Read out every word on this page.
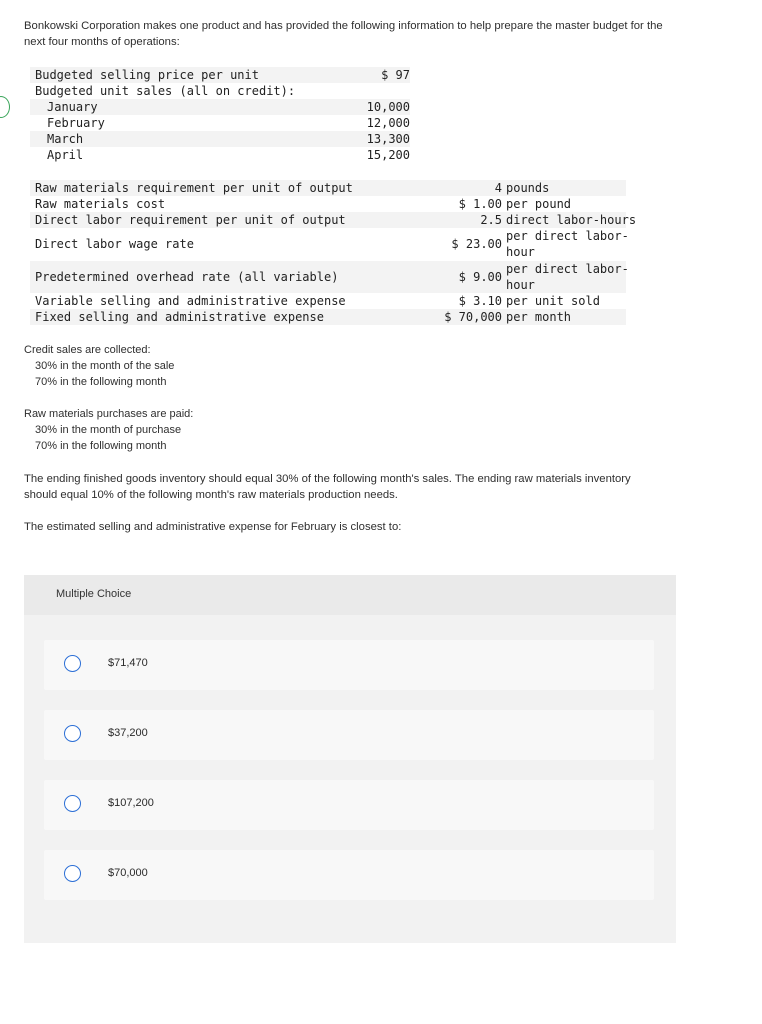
Bonkowski Corporation makes one product and has provided the following information to help prepare the master budget for the next four months of operations:
Budgeted selling price per unit	$ 97
Budgeted unit sales (all on credit):
January	10,000
February	12,000
March	13,300
April	15,200
Raw materials requirement per unit of output	4 pounds
Raw materials cost	$ 1.00 per pound
Direct labor requirement per unit of output	2.5 direct labor-hours
Direct labor wage rate	$ 23.00
per direct labor-
hour
Predetermined overhead rate (all variable)	$ 9.00
per direct labor-
hour
Variable selling and administrative expense	$ 3.10 per unit sold
Fixed selling and administrative expense	$ 70,000 per month
Credit sales are collected:
30% in the month of the sale
70% in the following month
Raw materials purchases are paid:
30% in the month of purchase
70% in the following month
The ending finished goods inventory should equal 30% of the following month's sales. The ending raw materials inventory should equal 10% of the following month's raw materials production needs.
The estimated selling and administrative expense for February is closest to:
Multiple Choice
$71,470
$37,200
$107,200
$70,000
